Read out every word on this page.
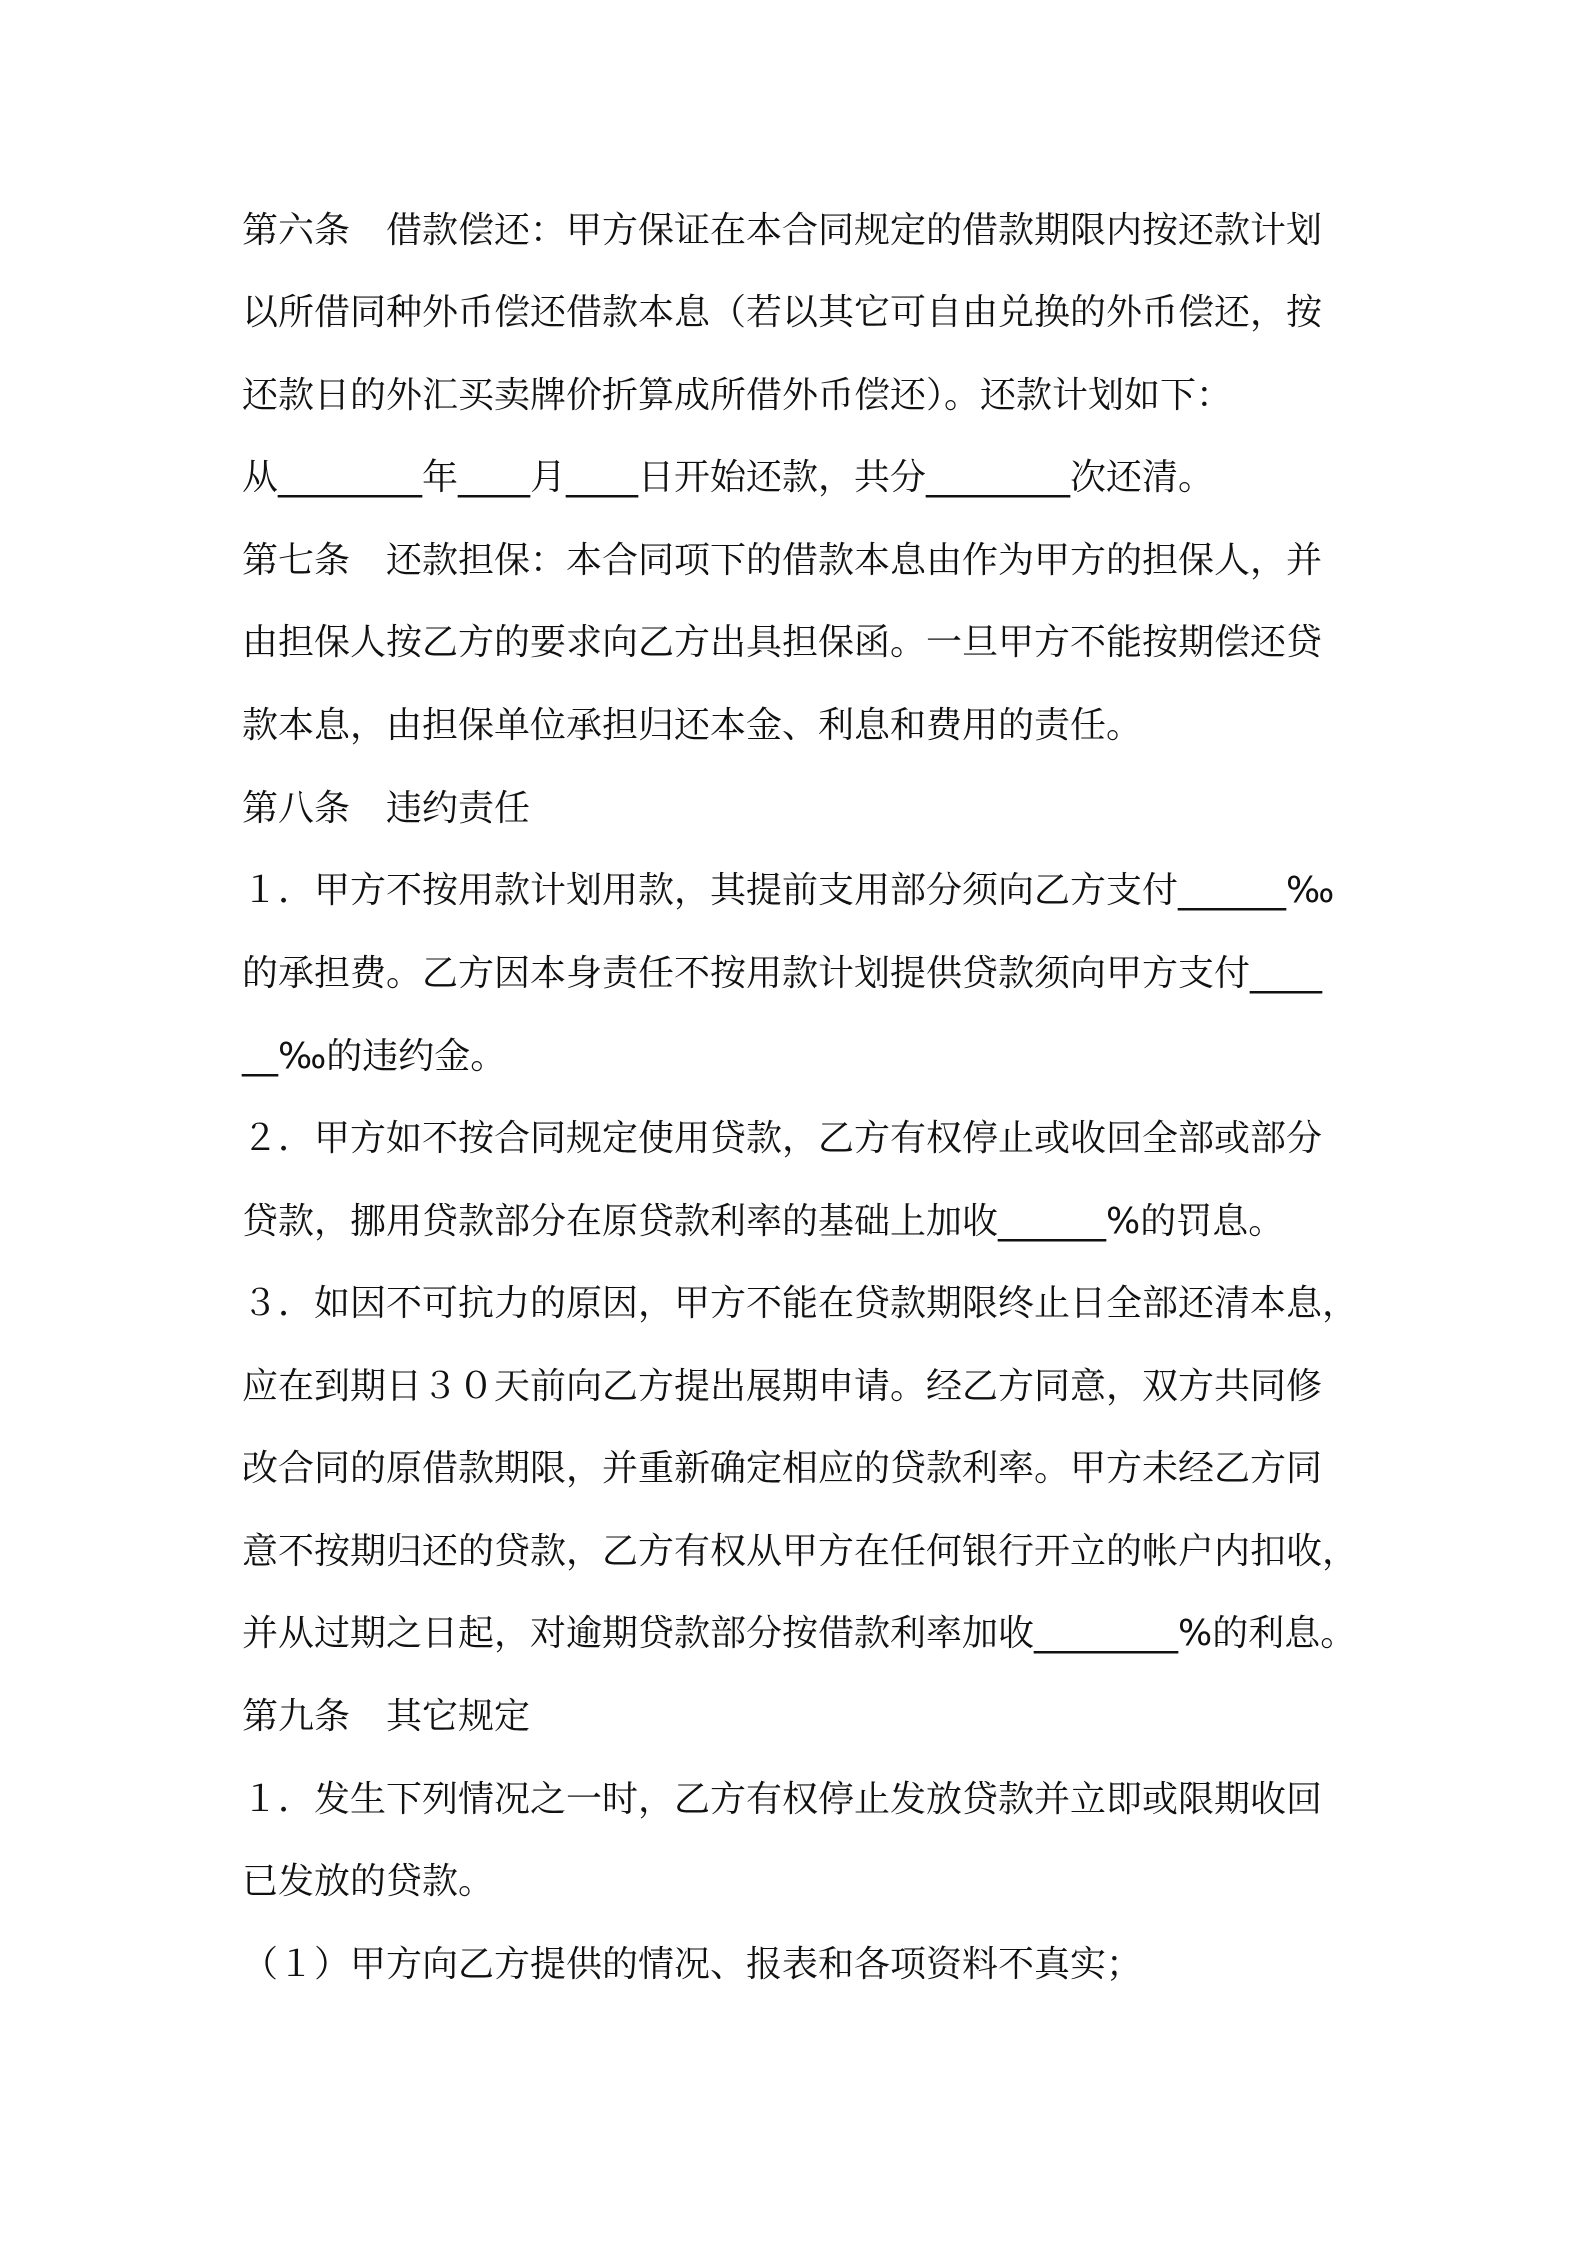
第六条　借款偿还：甲方保证在本合同规定的借款期限内按还款计划
以所借同种外币偿还借款本息（若以其它可自由兑换的外币偿还，按
还款日的外汇买卖牌价折算成所借外币偿还）。还款计划如下：
从________年____月____日开始还款，共分________次还清。
第七条　还款担保：本合同项下的借款本息由作为甲方的担保人，并
由担保人按乙方的要求向乙方出具担保函。一旦甲方不能按期偿还贷
款本息，由担保单位承担归还本金、利息和费用的责任。
第八条　违约责任
１．甲方不按用款计划用款，其提前支用部分须向乙方支付______‰
的承担费。乙方因本身责任不按用款计划提供贷款须向甲方支付____
__‰的违约金。
２．甲方如不按合同规定使用贷款，乙方有权停止或收回全部或部分
贷款，挪用贷款部分在原贷款利率的基础上加收______%的罚息。
３．如因不可抗力的原因，甲方不能在贷款期限终止日全部还清本息，
应在到期日３０天前向乙方提出展期申请。经乙方同意，双方共同修
改合同的原借款期限，并重新确定相应的贷款利率。甲方未经乙方同
意不按期归还的贷款，乙方有权从甲方在任何银行开立的帐户内扣收，
并从过期之日起，对逾期贷款部分按借款利率加收________%的利息。
第九条　其它规定
１．发生下列情况之一时，乙方有权停止发放贷款并立即或限期收回
已发放的贷款。
（１）甲方向乙方提供的情况、报表和各项资料不真实；
